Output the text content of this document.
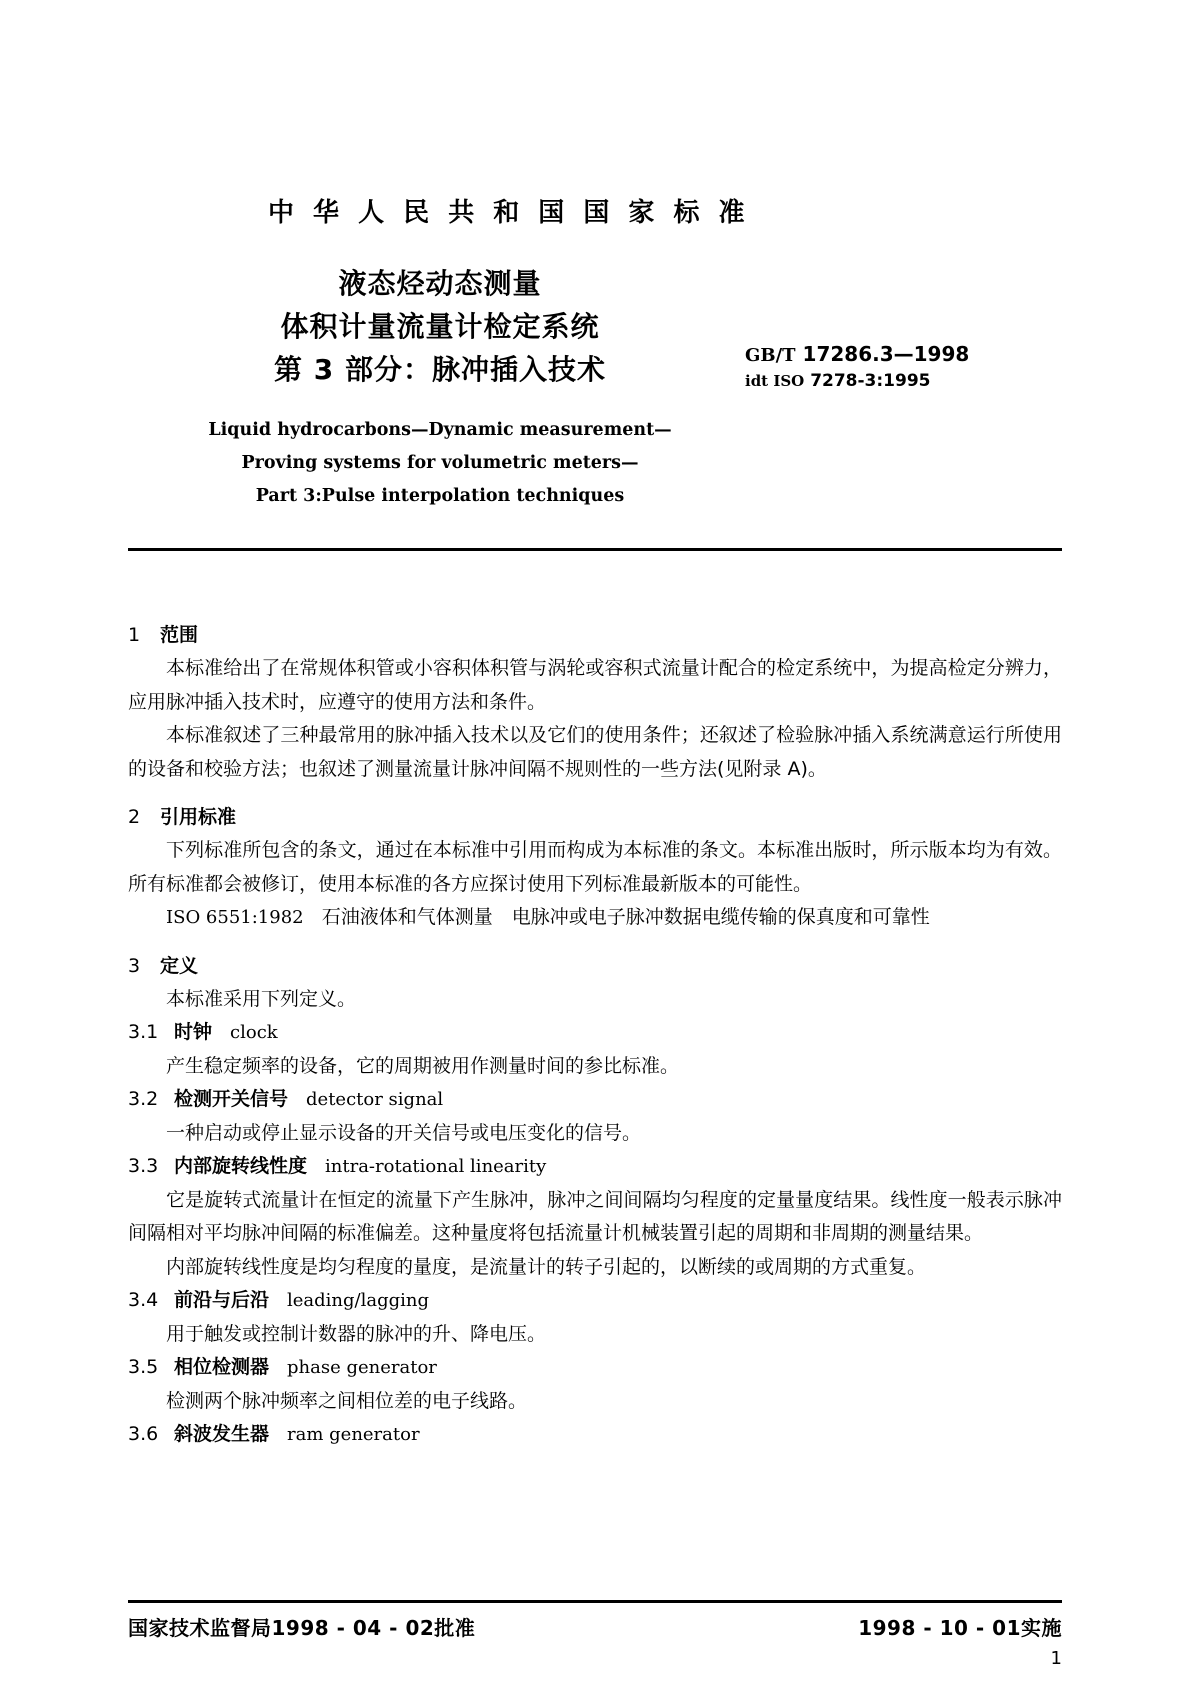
中 华 人 民 共 和 国 国 家 标 准
液态烃动态测量
体积计量流量计检定系统
第 3 部分：脉冲插入技术
Liquid hydrocarbons—Dynamic measurement—
Proving systems for volumetric meters—
Part 3:Pulse interpolation techniques
GB/T 17286.3—1998
idt ISO 7278-3:1995
1 范围

本标准给出了在常规体积管或小容积体积管与涡轮或容积式流量计配合的检定系统中，为提高检定分辨力，应用脉冲插入技术时，应遵守的使用方法和条件。

本标准叙述了三种最常用的脉冲插入技术以及它们的使用条件；还叙述了检验脉冲插入系统满意运行所使用的设备和校验方法；也叙述了测量流量计脉冲间隔不规则性的一些方法(见附录 A)。

2 引用标准

下列标准所包含的条文，通过在本标准中引用而构成为本标准的条文。本标准出版时，所示版本均为有效。所有标准都会被修订，使用本标准的各方应探讨使用下列标准最新版本的可能性。

ISO 6551:1982 石油液体和气体测量　电脉冲或电子脉冲数据电缆传输的保真度和可靠性

3 定义

本标准采用下列定义。

3.1 时钟 clock

产生稳定频率的设备，它的周期被用作测量时间的参比标准。

3.2 检测开关信号 detector signal

一种启动或停止显示设备的开关信号或电压变化的信号。

3.3 内部旋转线性度 intra-rotational linearity

它是旋转式流量计在恒定的流量下产生脉冲，脉冲之间间隔均匀程度的定量量度结果。线性度一般表示脉冲间隔相对平均脉冲间隔的标准偏差。这种量度将包括流量计机械装置引起的周期和非周期的测量结果。

内部旋转线性度是均匀程度的量度，是流量计的转子引起的，以断续的或周期的方式重复。

3.4 前沿与后沿 leading/lagging

用于触发或控制计数器的脉冲的升、降电压。

3.5 相位检测器 phase generator

检测两个脉冲频率之间相位差的电子线路。

3.6 斜波发生器 ram generator

国家技术监督局1998 - 04 - 02批准	1998 - 10 - 01实施
1
